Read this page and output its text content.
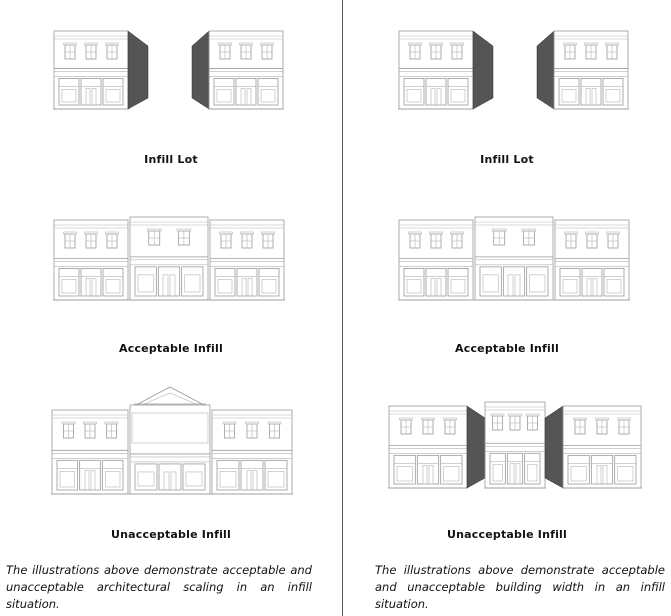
Infill Lot
Acceptable Infill
Unacceptable Infill
The illustrations above demonstrate acceptable and unacceptable architectural scaling in an infill situation.
Infill Lot
Acceptable Infill
Unacceptable Infill
The illustrations above demonstrate acceptable and unacceptable building width in an infill situation.
